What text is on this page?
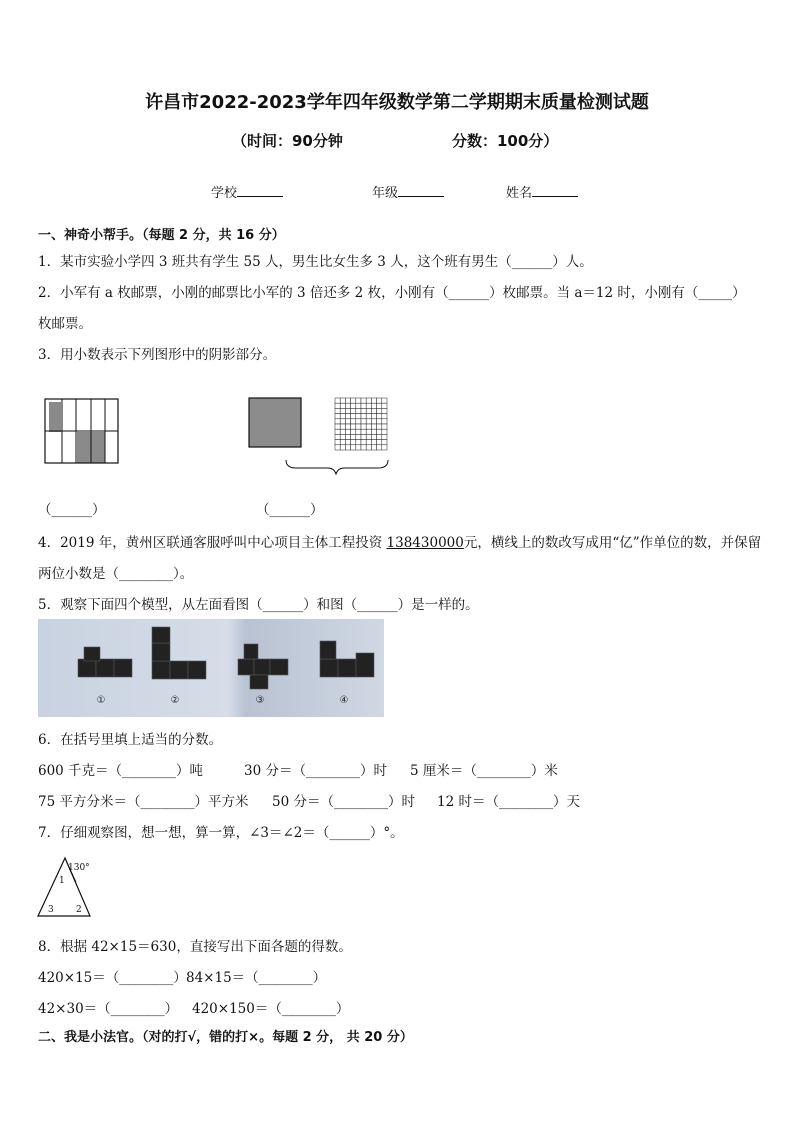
许昌市2022-2023学年四年级数学第二学期期末质量检测试题
（时间：90分钟	分数：100分）
学校	年级	姓名
一、神奇小帮手。（每题 2 分，共 16 分）
1．某市实验小学四 3 班共有学生 55 人，男生比女生多 3 人，这个班有男生（______）人。
2．小军有 a 枚邮票，小刚的邮票比小军的 3 倍还多 2 枚，小刚有（______）枚邮票。当 a＝12 时，小刚有（_____）
枚邮票。
3．用小数表示下列图形中的阴影部分。
（______）	（______）
4．2019 年，黄州区联通客服呼叫中心项目主体工程投资 138430000元，横线上的数改写成用“亿”作单位的数，并保留
两位小数是（________）。
5．观察下面四个模型，从左面看图（______）和图（______）是一样的。
①	②	③	④
6．在括号里填上适当的分数。
600 千克＝（________）吨	30 分＝（________）时 5 厘米＝（________）米
75 平方分米＝（________）平方米 50 分＝（________）时 12 时＝（________）天
7．仔细观察图，想一想，算一算，∠3＝∠2＝（______）°。
130°
1
3 2
8．根据 42×15＝630，直接写出下面各题的得数。
420×15＝（________） 84×15＝（________）
42×30＝（________） 420×150＝（________）
二、我是小法官。（对的打√，错的打×。每题 2 分， 共 20 分）
